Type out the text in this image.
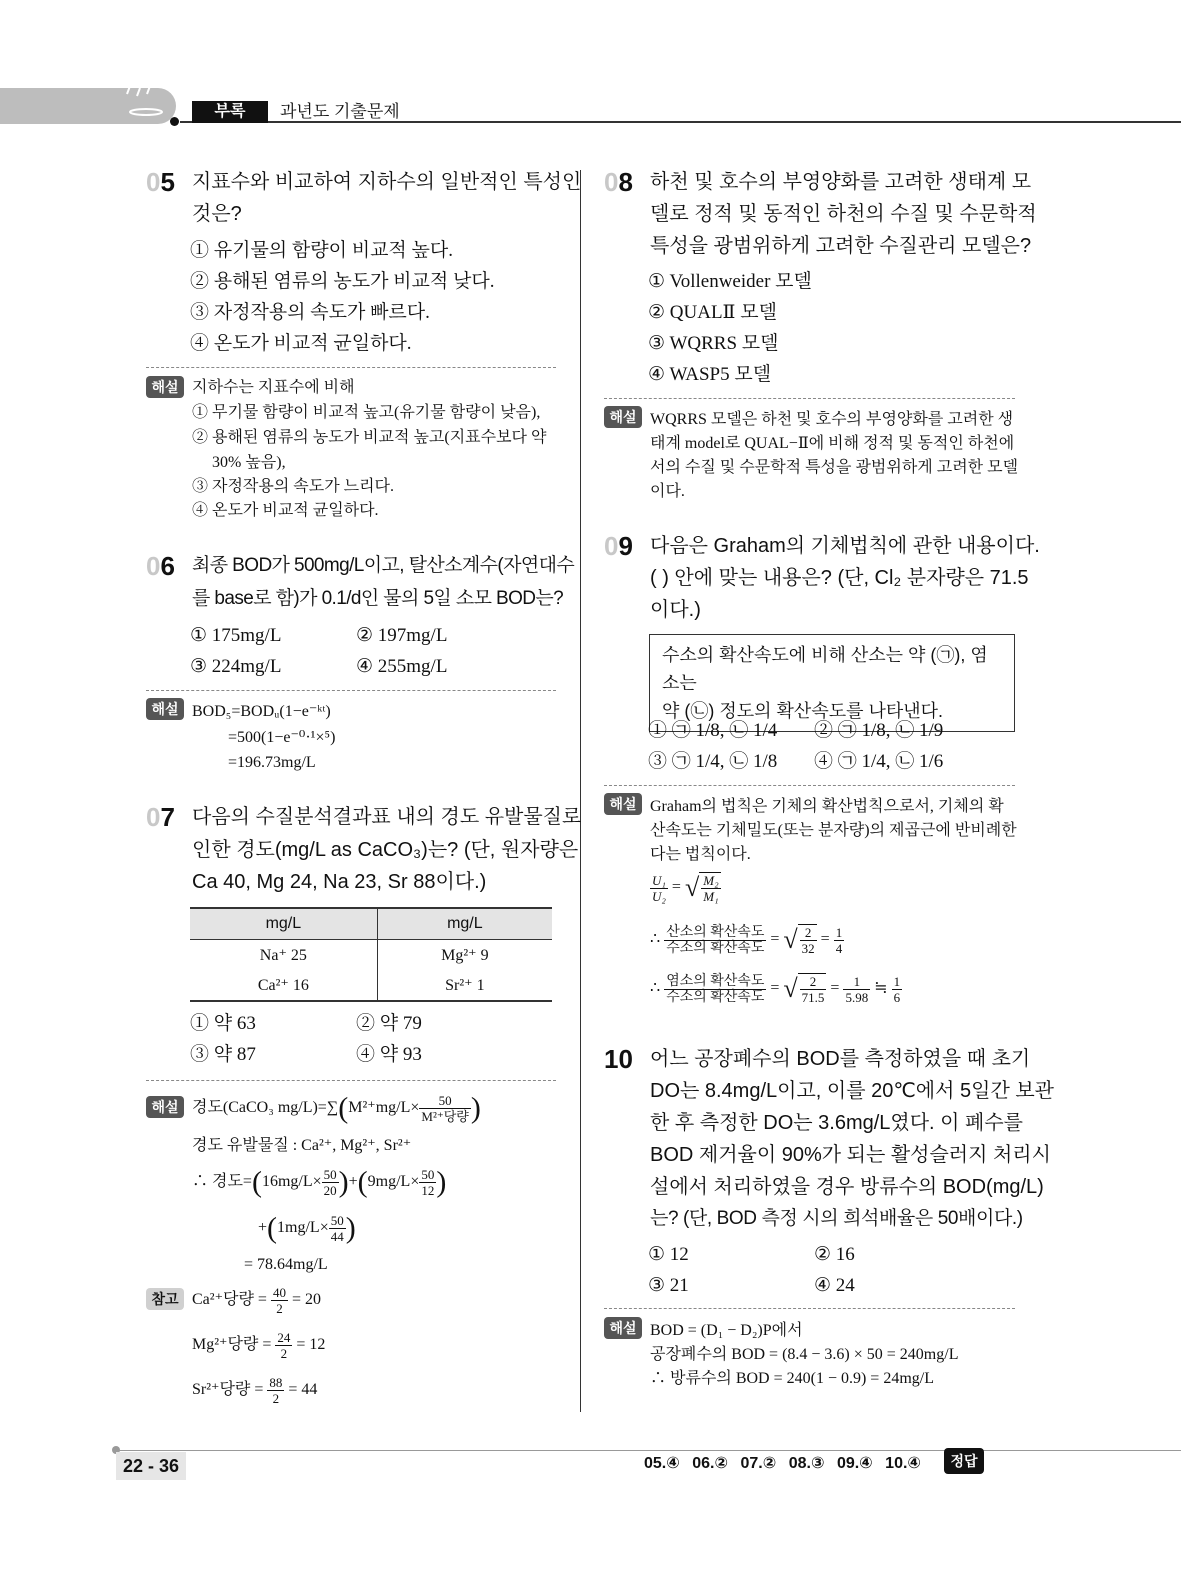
부록	과년도 기출문제
05 지표수와 비교하여 지하수의 일반적인 특성인
것은?
① 유기물의 함량이 비교적 높다.
② 용해된 염류의 농도가 비교적 낮다.
③ 자정작용의 속도가 빠르다.
④ 온도가 비교적 균일하다.
해설 지하수는 지표수에 비해
① 무기물 함량이 비교적 높고(유기물 함량이 낮음),
② 용해된 염류의 농도가 비교적 높고(지표수보다 약
30% 높음),
③ 자정작용의 속도가 느리다.
④ 온도가 비교적 균일하다.
06 최종 BOD가 500mg/L이고, 탈산소계수(자연대수
를 base로 함)가 0.1/d인 물의 5일 소모 BOD는?
① 175mg/L	② 197mg/L
③ 224mg/L	④ 255mg/L
해설 BOD₅=BODᵤ(1−e⁻ᵏᵗ)
=500(1−e⁻⁰·¹×⁵)
=196.73mg/L
07 다음의 수질분석결과표 내의 경도 유발물질로
인한 경도(mg/L as CaCO₃)는? (단, 원자량은
Ca 40, Mg 24, Na 23, Sr 88이다.)
mg/L	mg/L
Na⁺ 25	Mg²⁺ 9
Ca²⁺ 16	Sr²⁺ 1
① 약 63	② 약 79
③ 약 87	④ 약 93
해설 경도(CaCO₃ $mg/L)=\sum(M^{2+}mg/L\times \frac{50}{\text{M²⁺당량}}$ )
경도 유발물질 : Ca²⁺, Mg²⁺, Sr²⁺
∴ 경도$=(16mg/L\times \frac{50}{20} )+(9mg/L\times \frac{50}{12}$ )
$+(1mg/L\times \frac{50}{44}$ )
= 78.64mg/L
참고 Ca²⁺당량 = $\frac{40}{2} = 20$
Mg²⁺당량 = $\frac{24}{2} = 12$
Sr²⁺당량 = $\frac{88}{2} = 44$
08 하천 및 호수의 부영양화를 고려한 생태계 모
델로 정적 및 동적인 하천의 수질 및 수문학적
특성을 광범위하게 고려한 수질관리 모델은?
① Vollenweider 모델
② QUALⅡ 모델
③ WQRRS 모델
④ WASP5 모델
해설 WQRRS 모델은 하천 및 호수의 부영양화를 고려한 생
태계 model로 QUAL−Ⅱ에 비해 정적 및 동적인 하천에
서의 수질 및 수문학적 특성을 광범위하게 고려한 모델
이다.
09 다음은 Graham의 기체법칙에 관한 내용이다.
( ) 안에 맞는 내용은? (단, Cl₂ 분자량은 71.5
이다.)
수소의 확산속도에 비해 산소는 약 (㉠), 염소는
약 (㉡) 정도의 확산속도를 나타낸다.
① ㉠ 1/8, ㉡ 1/4 ② ㉠ 1/8, ㉡ 1/9
③ ㉠ 1/4, ㉡ 1/8 ④ ㉠ 1/4, ㉡ 1/6
해설 Graham의 법칙은 기체의 확산법칙으로서, 기체의 확
산속도는 기체밀도(또는 분자량)의 제곱근에 반비례한
다는 법칙이다.
$\frac{\text{U₁}}{\text{U₂}}$ = √ $\frac{\text{M₂}}{\text{M₁}}$
∴ $\frac{\text{산소의 확산속도}}{\text{수소의 확산속도}}$ = √ $\frac{2}{32} = \frac{1}{4}$
∴ $\frac{\text{염소의 확산속도}}{\text{수소의 확산속도}}$ = √ $\frac{2}{71.5} = \frac{1}{5.98}$ ≒ $\frac{1}{6}$
10 어느 공장폐수의 BOD를 측정하였을 때 초기
DO는 8.4mg/L이고, 이를 20℃에서 5일간 보관
한 후 측정한 DO는 3.6mg/L였다. 이 폐수를
BOD 제거율이 90%가 되는 활성슬러지 처리시
설에서 처리하였을 경우 방류수의 BOD(mg/L)
는? (단, BOD 측정 시의 희석배율은 50배이다.)
① 12	② 16
③ 21	④ 24
해설 BOD = (D₁ − D₂)P에서
공장폐수의 BOD = (8.4 − 3.6) × 50 = 240mg/L
∴ 방류수의 BOD = 240(1 − 0.9) = 24mg/L
22 - 36	05.④ 06.② 07.② 08.③ 09.④ 10.④	정답
